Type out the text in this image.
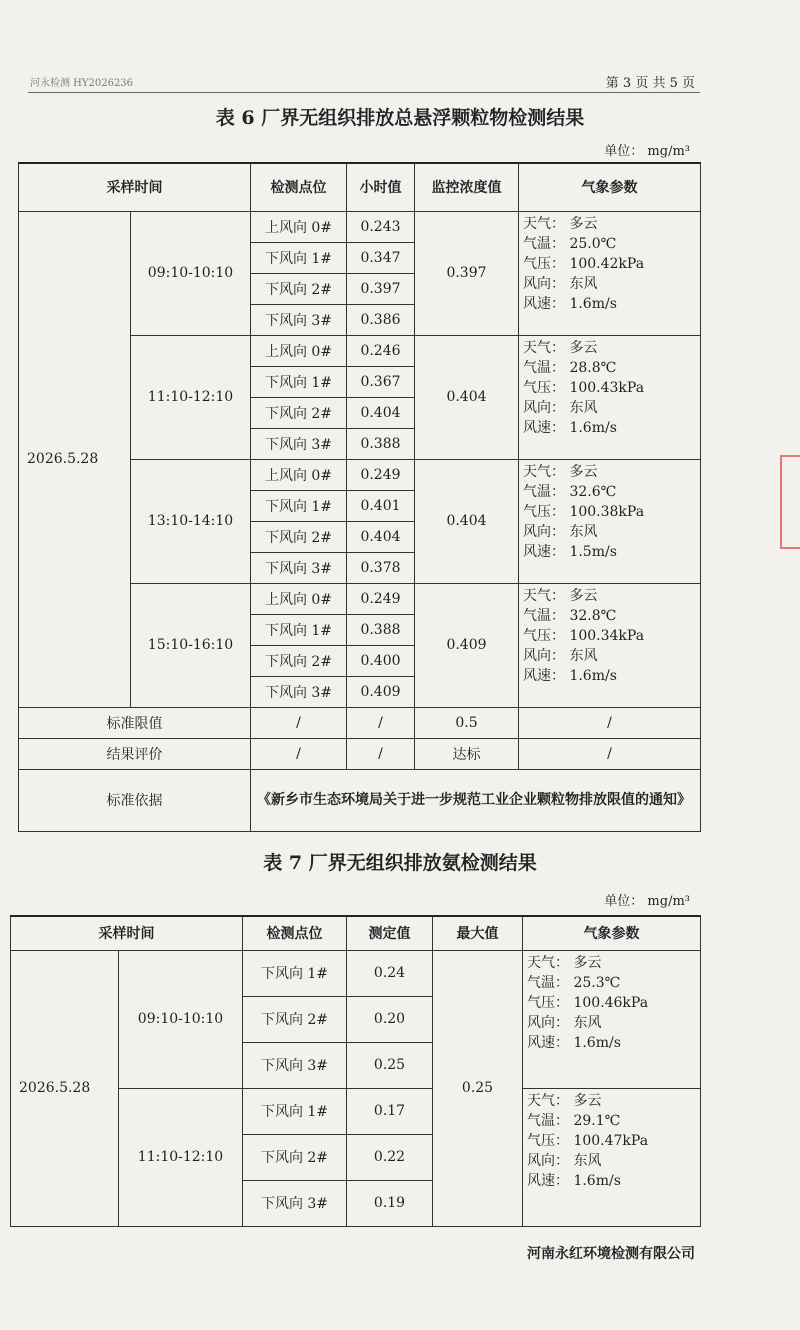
河永检测 HY2026236	第 3 页 共 5 页
表 6 厂界无组织排放总悬浮颗粒物检测结果
单位： mg/m³
采样时间		检测点位	小时值	监控浓度值	气象参数
2026.5.28	09:10-10:10	上风向 0#	0.243	0.397	天气： 多云
气温： 25.0℃
气压： 100.42kPa
风向： 东风
风速： 1.6m/s

		下风向 1#	0.347		
		下风向 2#	0.397		
		下风向 3#	0.386		
	11:10-12:10	上风向 0#	0.246	0.404	天气： 多云
气温： 28.8℃
气压： 100.43kPa
风向： 东风
风速： 1.6m/s

		下风向 1#	0.367		
		下风向 2#	0.404		
		下风向 3#	0.388		
	13:10-14:10	上风向 0#	0.249	0.404	天气： 多云
气温： 32.6℃
气压： 100.38kPa
风向： 东风
风速： 1.5m/s

		下风向 1#	0.401		
		下风向 2#	0.404		
		下风向 3#	0.378		
	15:10-16:10	上风向 0#	0.249	0.409	天气： 多云
气温： 32.8℃
气压： 100.34kPa
风向： 东风
风速： 1.6m/s

		下风向 1#	0.388		
		下风向 2#	0.400		
		下风向 3#	0.409		
标准限值		/	/	0.5	/
结果评价		/	/	达标	/
标准依据		《新乡市生态环境局关于进一步规范工业企业颗粒物排放限值的通知》			
表 7 厂界无组织排放氨检测结果
单位： mg/m³
采样时间		检测点位	测定值	最大值	气象参数
2026.5.28	09:10-10:10	下风向 1#	0.24	0.25	天气： 多云
气温： 25.3℃
气压： 100.46kPa
风向： 东风
风速： 1.6m/s

		下风向 2#	0.20		
		下风向 3#	0.25		
	11:10-12:10	下风向 1#	0.17		天气： 多云
气温： 29.1℃
气压： 100.47kPa
风向： 东风
风速： 1.6m/s

		下风向 2#	0.22		
		下风向 3#	0.19		
河南永红环境检测有限公司
